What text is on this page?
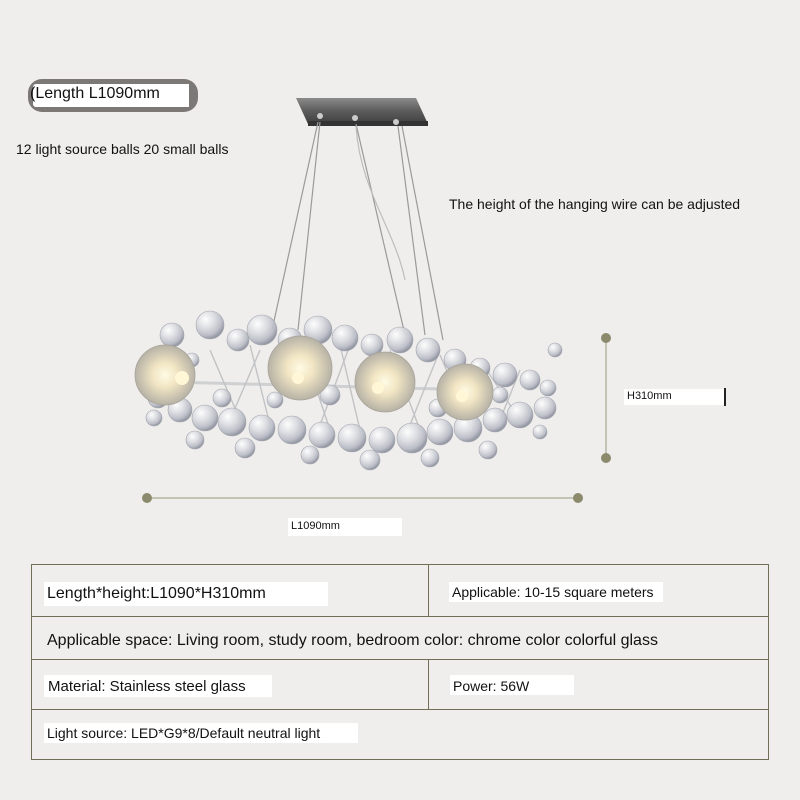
(Length L1090mm
12 light source balls 20 small balls
The height of the hanging wire can be adjusted
H310mm
L1090mm
Length*height:L1090*H310mm	Applicable: 10-15 square meters
Applicable space: Living room, study room, bedroom color: chrome color colorful glass
Material: Stainless steel glass	Power: 56W
Light source: LED*G9*8/Default neutral light
